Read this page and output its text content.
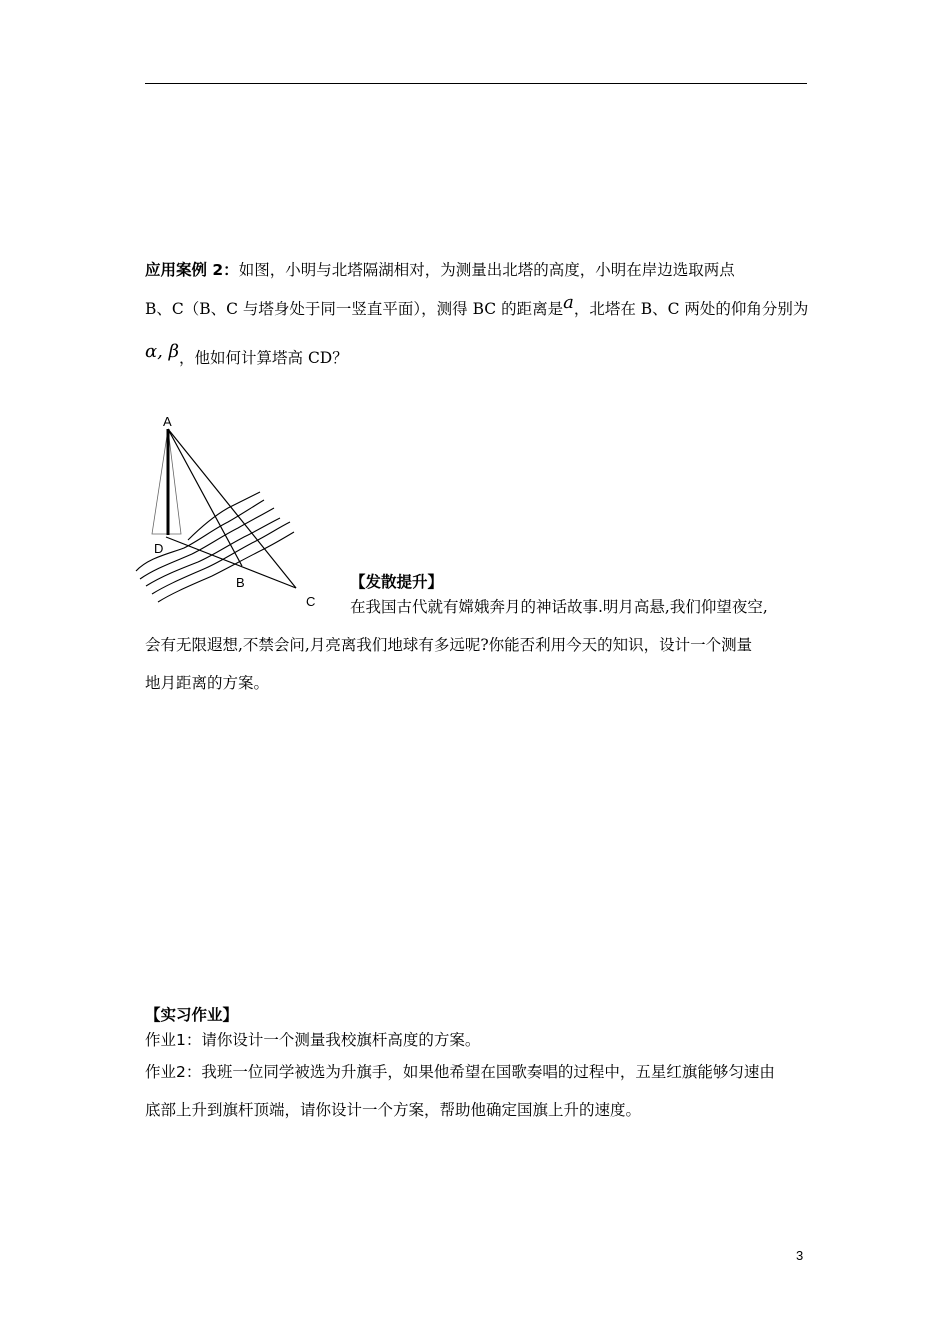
应用案例 2：如图，小明与北塔隔湖相对，为测量出北塔的高度，小明在岸边选取两点
B、C（B、C 与塔身处于同一竖直平面），测得 BC 的距离是a，北塔在 B、C 两处的仰角分别为
α, β，他如何计算塔高 CD？
A
D
B
C
【发散提升】
在我国古代就有嫦娥奔月的神话故事.明月高悬,我们仰望夜空,
会有无限遐想,不禁会问,月亮离我们地球有多远呢?你能否利用今天的知识，设计一个测量
地月距离的方案。
【实习作业】
作业1：请你设计一个测量我校旗杆高度的方案。
作业2：我班一位同学被选为升旗手，如果他希望在国歌奏唱的过程中，五星红旗能够匀速由
底部上升到旗杆顶端，请你设计一个方案，帮助他确定国旗上升的速度。
3
